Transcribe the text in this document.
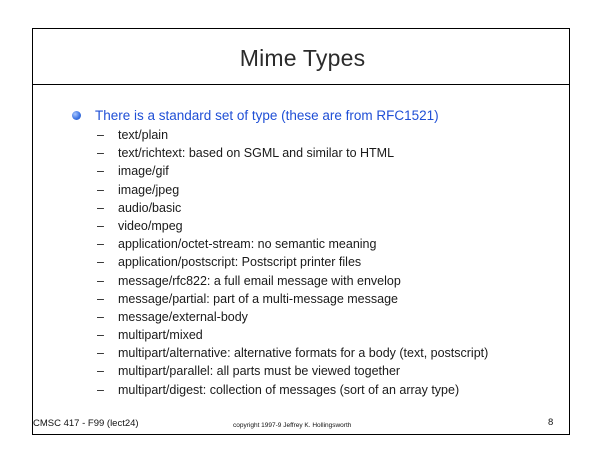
Mime Types
There is a standard set of type (these are from RFC1521)
–	text/plain
–	text/richtext: based on SGML and similar to HTML
–	image/gif
–	image/jpeg
–	audio/basic
–	video/mpeg
–	application/octet-stream: no semantic meaning
–	application/postscript: Postscript printer files
–	message/rfc822: a full email message with envelop
–	message/partial: part of a multi-message message
–	message/external-body
–	multipart/mixed
–	multipart/alternative: alternative formats for a body (text, postscript)
–	multipart/parallel: all parts must be viewed together
–	multipart/digest: collection of messages (sort of an array type)
CMSC 417 - F99 (lect24)	copyright 1997-9 Jeffrey K. Hollingsworth	8
